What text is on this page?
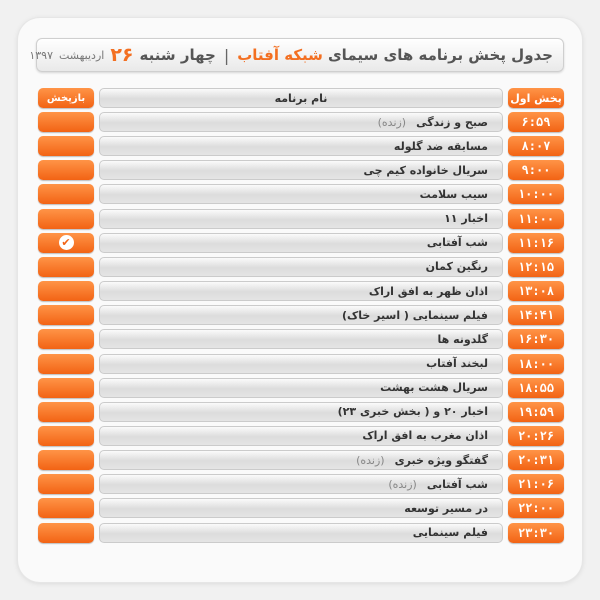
جدول پخش برنامه های سیمای
شبکه آفتاب
|
چهار شنبه
۲۶
اردیبهشت
۱۳۹۷
پخش اول
نام برنامه
بازپخش
۶:۵۹
صبح و زندگی
(زنده)
۸:۰۷
مسابقه ضد گلوله
۹:۰۰
سریال خانواده کیم چی
۱۰:۰۰
سیب سلامت
۱۱:۰۰
اخبار ۱۱
۱۱:۱۶
شب آفتابی
✔
۱۲:۱۵
رنگین کمان
۱۳:۰۸
اذان ظهر به افق اراک
۱۴:۴۱
فیلم سینمایی ( اسیر خاک)
۱۶:۳۰
گلدونه ها
۱۸:۰۰
لبخند آفتاب
۱۸:۵۵
سریال هشت بهشت
۱۹:۵۹
اخبار ۲۰ و ( بخش خبری ۲۳)
۲۰:۲۶
اذان مغرب به افق اراک
۲۰:۳۱
گفتگو ویژه خبری
(زنده)
۲۱:۰۶
شب آفتابی
(زنده)
۲۲:۰۰
در مسیر توسعه
۲۳:۳۰
فیلم سینمایی
